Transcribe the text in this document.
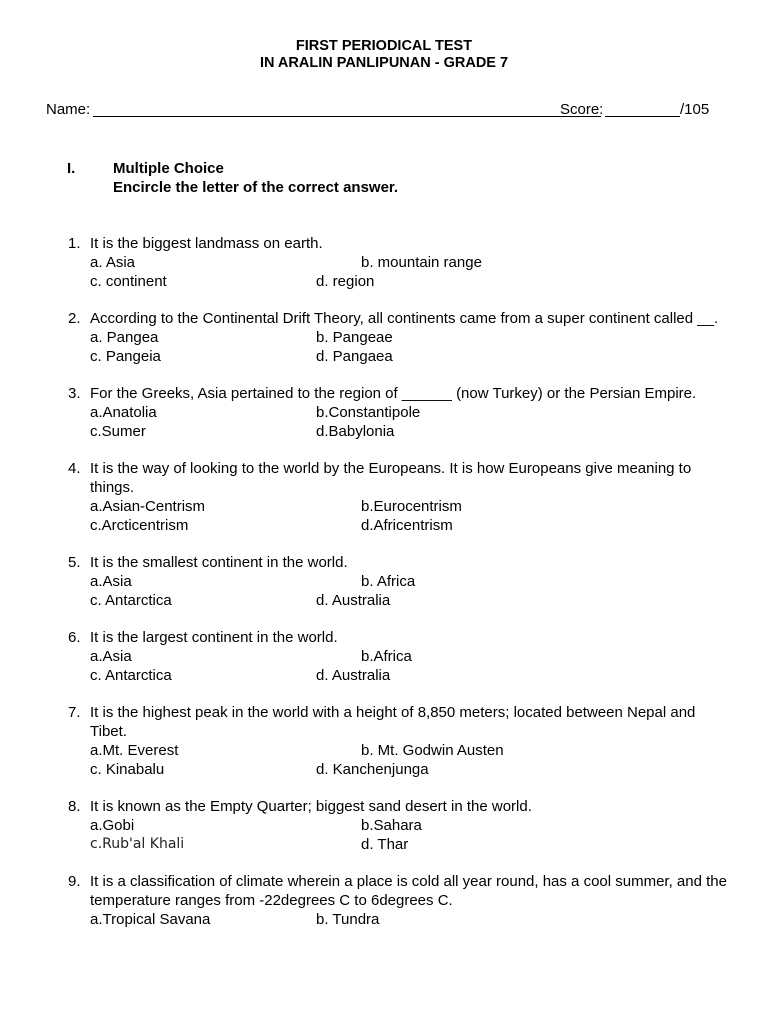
FIRST PERIODICAL TEST
IN ARALIN PANLIPUNAN - GRADE 7
Name:	Score:	/105
I.	Multiple Choice
Encircle the letter of the correct answer.
1. It is the biggest landmass on earth.
a. Asia	b. mountain range
c. continent	d. region
2. According to the Continental Drift Theory, all continents came from a super continent called __.
a. Pangea	b. Pangeae
c. Pangeia	d. Pangaea
3. For the Greeks, Asia pertained to the region of ______ (now Turkey) or the Persian Empire.
a.Anatolia	b.Constantipole
c.Sumer	d.Babylonia
4. It is the way of looking to the world by the Europeans. It is how Europeans give meaning to things.
a.Asian-Centrism	b.Eurocentrism
c.Arcticentrism	d.Africentrism
5. It is the smallest continent in the world.
a.Asia	b. Africa
c. Antarctica	d. Australia
6. It is the largest continent in the world.
a.Asia	b.Africa
c. Antarctica	d. Australia
7. It is the highest peak in the world with a height of 8,850 meters; located between Nepal and Tibet.
a.Mt. Everest	b. Mt. Godwin Austen
c. Kinabalu	d. Kanchenjunga
8. It is known as the Empty Quarter; biggest sand desert in the world.
a.Gobi	b.Sahara
c.Rub'al Khali	d. Thar
9. It is a classification of climate wherein a place is cold all year round, has a cool summer, and the temperature ranges from -22degrees C to 6degrees C.
a.Tropical Savana	b. Tundra
